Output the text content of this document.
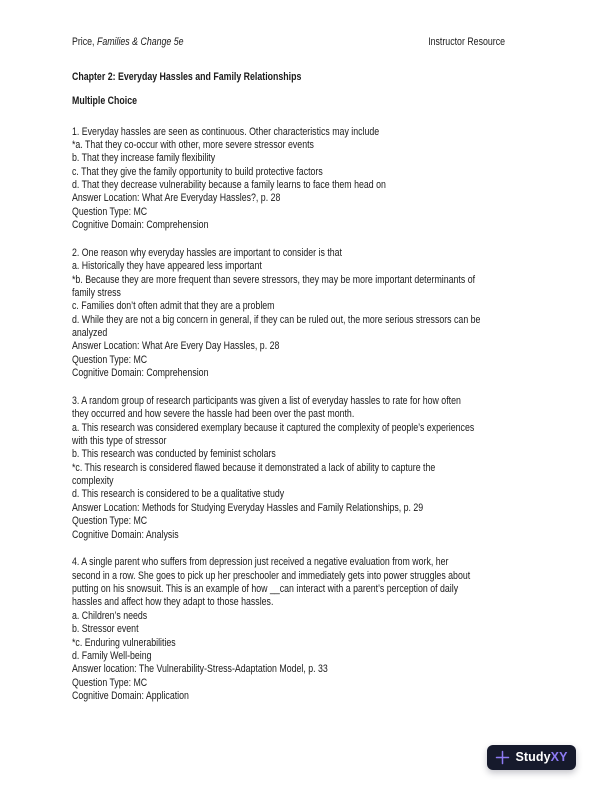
Price, Families & Change 5e	Instructor Resource
Chapter 2: Everyday Hassles and Family Relationships
Multiple Choice
1. Everyday hassles are seen as continuous. Other characteristics may include
*a. That they co-occur with other, more severe stressor events
b. That they increase family flexibility
c. That they give the family opportunity to build protective factors
d. That they decrease vulnerability because a family learns to face them head on
Answer Location: What Are Everyday Hassles?, p. 28
Question Type: MC
Cognitive Domain: Comprehension
2. One reason why everyday hassles are important to consider is that
a. Historically they have appeared less important
*b. Because they are more frequent than severe stressors, they may be more important determinants of
family stress
c. Families don’t often admit that they are a problem
d. While they are not a big concern in general, if they can be ruled out, the more serious stressors can be
analyzed
Answer Location: What Are Every Day Hassles, p. 28
Question Type: MC
Cognitive Domain: Comprehension
3. A random group of research participants was given a list of everyday hassles to rate for how often
they occurred and how severe the hassle had been over the past month.
a. This research was considered exemplary because it captured the complexity of people’s experiences
with this type of stressor
b. This research was conducted by feminist scholars
*c. This research is considered flawed because it demonstrated a lack of ability to capture the
complexity
d. This research is considered to be a qualitative study
Answer Location: Methods for Studying Everyday Hassles and Family Relationships, p. 29
Question Type: MC
Cognitive Domain: Analysis
4. A single parent who suffers from depression just received a negative evaluation from work, her
second in a row. She goes to pick up her preschooler and immediately gets into power struggles about
putting on his snowsuit. This is an example of how __can interact with a parent’s perception of daily
hassles and affect how they adapt to those hassles.
a. Children’s needs
b. Stressor event
*c. Enduring vulnerabilities
d. Family Well-being
Answer location: The Vulnerability-Stress-Adaptation Model, p. 33
Question Type: MC
Cognitive Domain: Application
StudyXY
